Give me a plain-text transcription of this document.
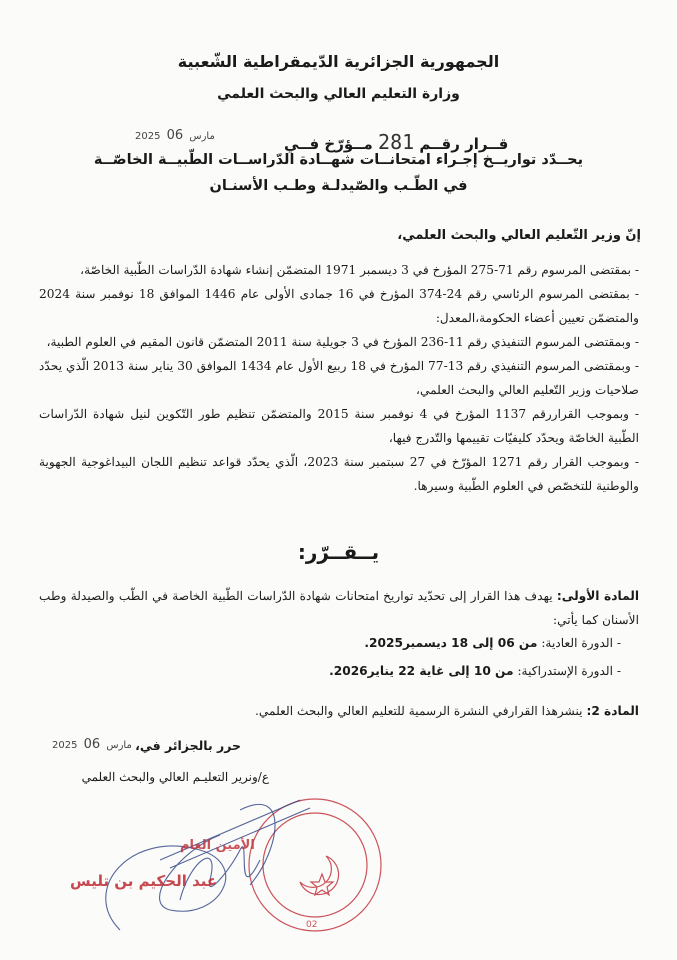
الجمهورية الجزائرية الدّيمقراطية الشّعبية
وزارة التعليم العالي والبحث العلمي
2025	مارس 06	قــرار رقــم 281 مــؤرّخ فــي
يحــدّد تواريــخ إجـراء امتحانــات شهــادة الدّراســات الطّبيــة الخاصّــة
في الطّـب والصّيدلـة وطـب الأسنـان
إنّ وزير التّعليم العالي والبحث العلمي،

- بمقتضى المرسوم رقم 71-275 المؤرخ في 3 ديسمبر 1971 المتضمّن إنشاء شهادة الدّراسات الطّبية الخاصّة،

- بمقتضى المرسوم الرئاسي رقم 24-374 المؤرخ في 16 جمادى الأولى عام 1446 الموافق 18 نوفمبر سنة 2024 والمتضمّن تعيين أعضاء الحكومة،المعدل:

- وبمقتضى المرسوم التنفيذي رقم 11-236 المؤرخ في 3 جويلية سنة 2011 المتضمّن قانون المقيم في العلوم الطبية،

- وبمقتضى المرسوم التنفيذي رقم 13-77 المؤرخ في 18 ربيع الأول عام 1434 الموافق 30 يناير سنة 2013 الّذي يحدّد صلاحيات وزير التّعليم العالي والبحث العلمي،

- وبموجب القراررقم 1137 المؤرخ في 4 نوفمبر سنة 2015 والمتضمّن تنظيم طور التّكوين لنيل شهادة الدّراسات الطّبية الخاصّة ويحدّد كليفيّات تقييمها والتّدرج فيها،

- وبموجب القرار رقم 1271 المؤرّخ في 27 سبتمبر سنة 2023، الّذي يحدّد قواعد تنظيم اللجان البيداغوجية الجهوية والوطنية للتخصّص في العلوم الطّبية وسيرها.

يــقــرّر:
المادة الأولى: يهدف هذا القرار إلى تحدّيد تواريخ امتحانات شهادة الدّراسات الطّبية الخاصة في الطّب والصيدلة وطب الأسنان كما يأتي:
- الدورة العادية: من 06 إلى 18 ديسمبر2025.
- الدورة الإستدراكية: من 10 إلى غاية 22 يناير2026.
المادة 2: ينشرهذا القرارفي النشرة الرسمية للتعليم العالي والبحث العلمي.
حرر بالجزائر في،
2025	مارس 06
ع/ونرير التعليـم العالي والبحث العلمي
02
الأمين العام
عبد الحكيم بن تليس
